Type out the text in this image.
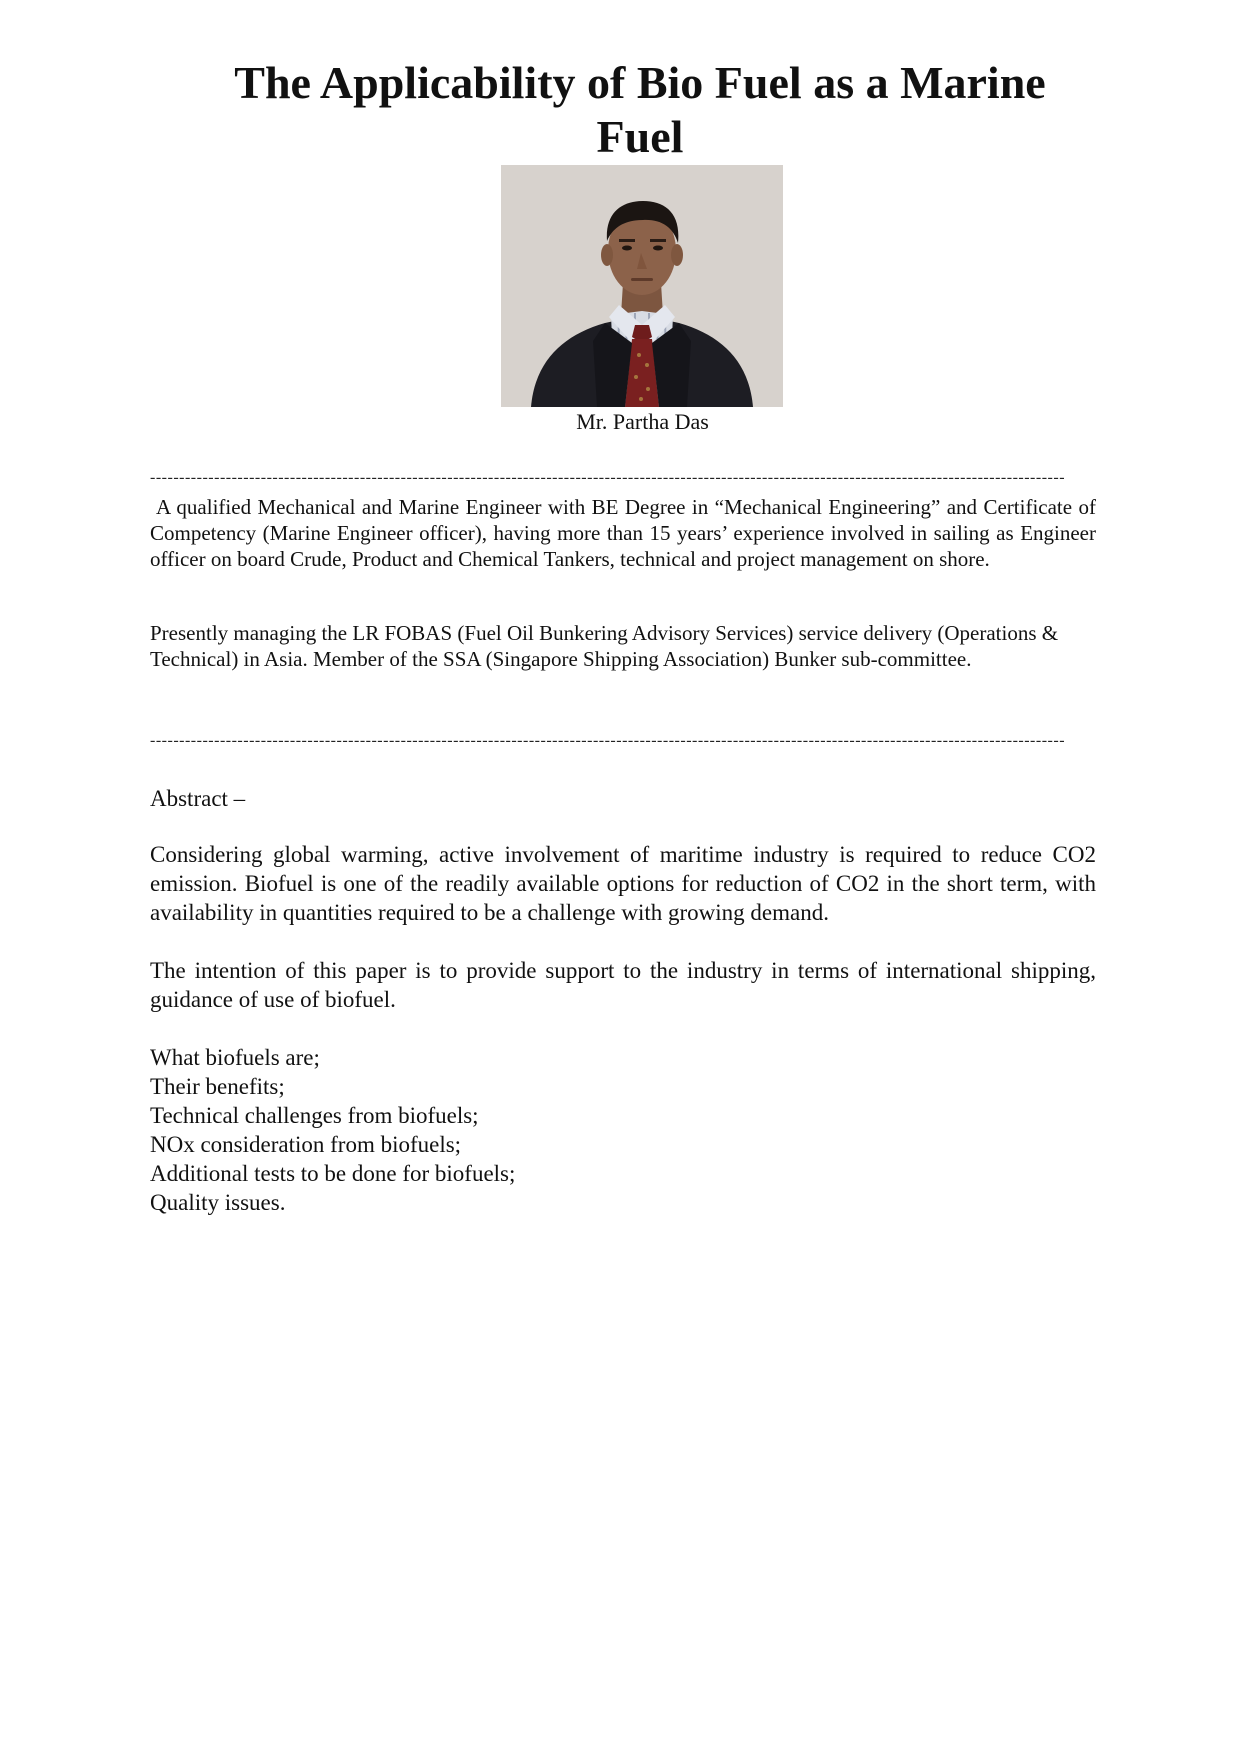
The Applicability of Bio Fuel as a Marine Fuel
Mr. Partha Das
-------------------------------------------------------------------------------------------------------------------------------------------------------------

A qualified Mechanical and Marine Engineer with BE Degree in “Mechanical Engineering” and Certificate of Competency (Marine Engineer officer), having more than 15 years’ experience involved in sailing as Engineer officer on board Crude, Product and Chemical Tankers, technical and project management on shore.

Presently managing the LR FOBAS (Fuel Oil Bunkering Advisory Services) service delivery (Operations & Technical) in Asia. Member of the SSA (Singapore Shipping Association) Bunker sub-committee.

-------------------------------------------------------------------------------------------------------------------------------------------------------------

Abstract –

Considering global warming, active involvement of maritime industry is required to reduce CO2 emission. Biofuel is one of the readily available options for reduction of CO2 in the short term, with availability in quantities required to be a challenge with growing demand.

The intention of this paper is to provide support to the industry in terms of international shipping, guidance of use of biofuel.

What biofuels are;
Their benefits;
Technical challenges from biofuels;
NOx consideration from biofuels;
Additional tests to be done for biofuels;
Quality issues.
